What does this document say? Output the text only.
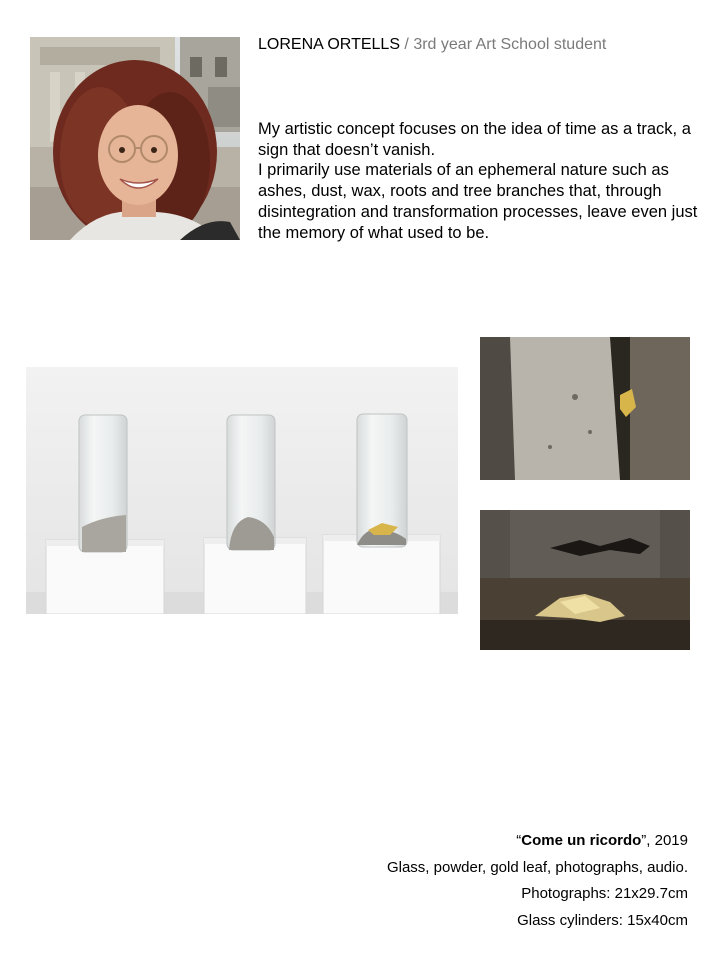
LORENA ORTELLS / 3rd year Art School student

My artistic concept focuses on the idea of time as a track, a sign that doesn’t vanish.

I primarily use materials of an ephemeral nature such as ashes, dust, wax, roots and tree branches that, through disintegration and transformation processes, leave even just the memory of what used to be.

“Come un ricordo”, 2019
Glass, powder, gold leaf, photographs, audio.
Photographs: 21x29.7cm
Glass cylinders: 15x40cm
